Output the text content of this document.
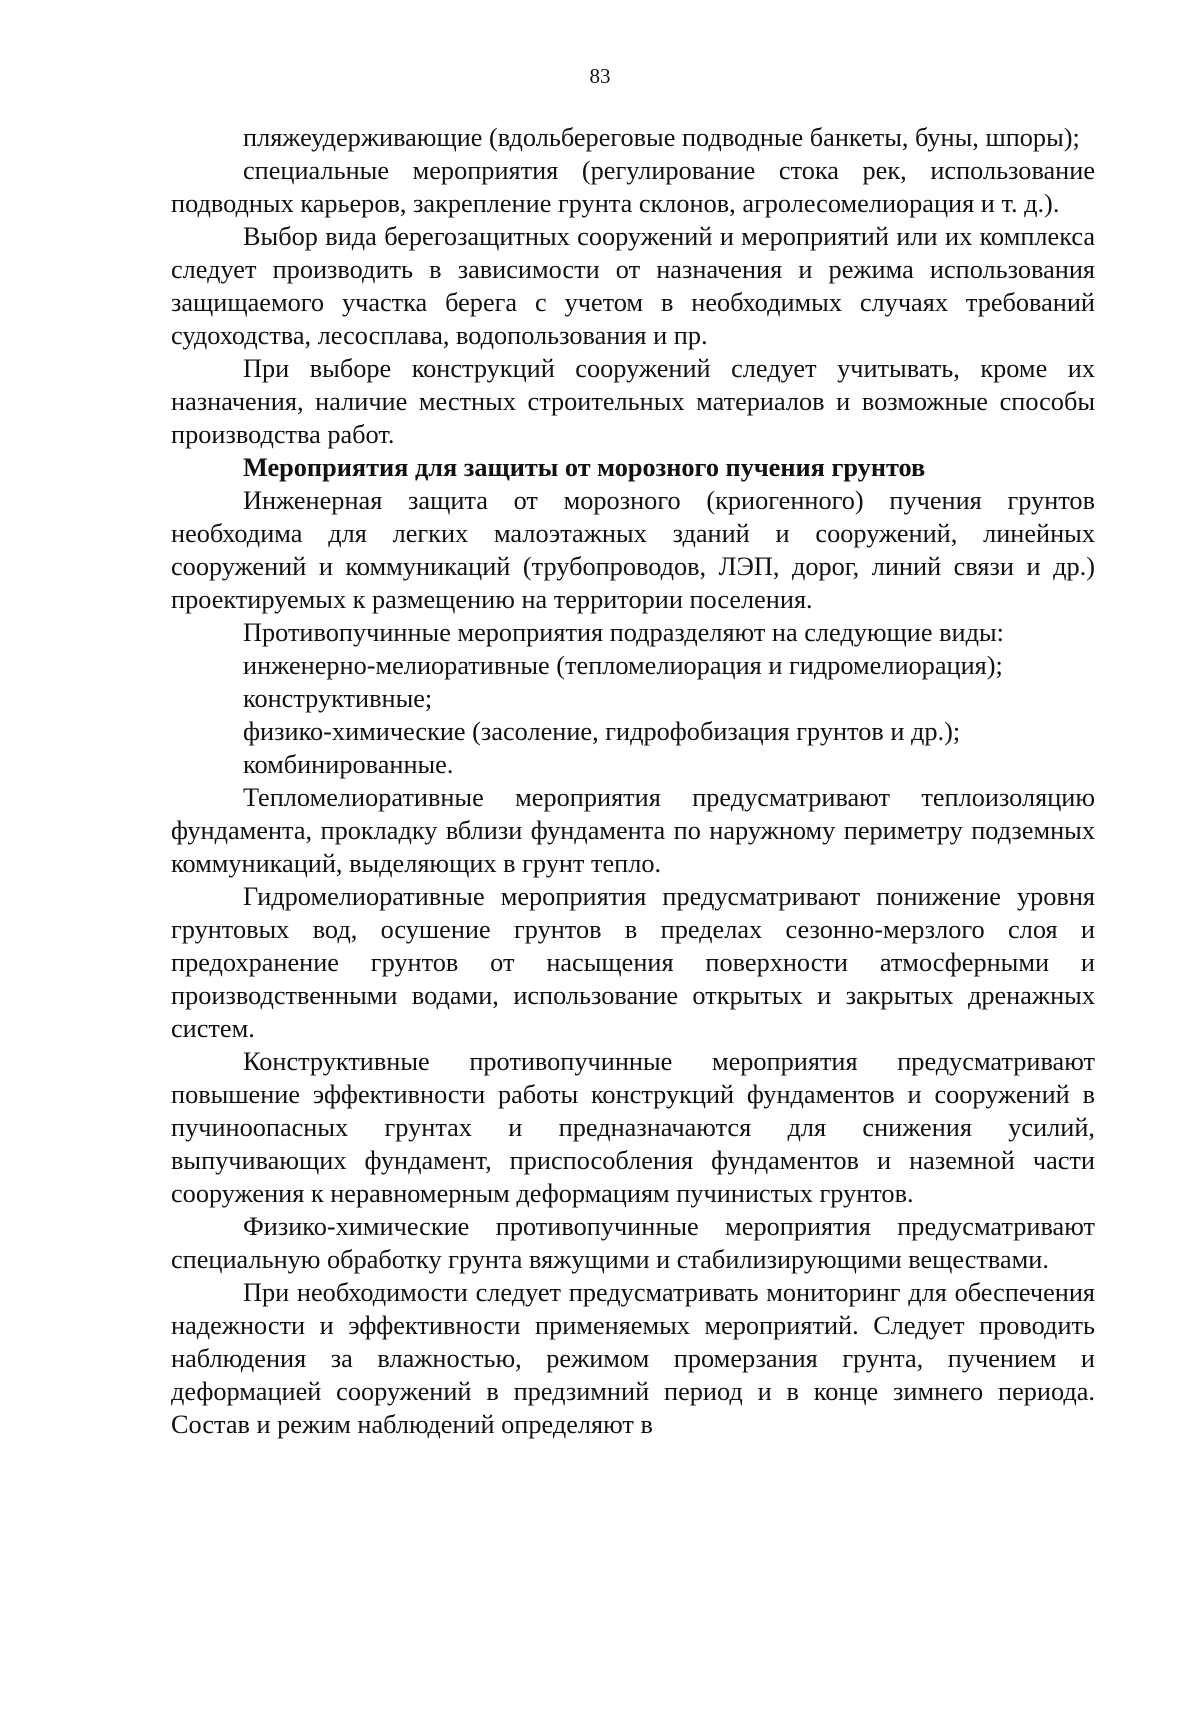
83

пляжеудерживающие (вдольбереговые подводные банкеты, буны, шпоры);

специальные мероприятия (регулирование стока рек, использование подводных карьеров, закрепление грунта склонов, агролесомелиорация и т. д.).

Выбор вида берегозащитных сооружений и мероприятий или их комплекса следует производить в зависимости от назначения и режима использования защищаемого участка берега с учетом в необходимых случаях требований судоходства, лесосплава, водопользования и пр.

При выборе конструкций сооружений следует учитывать, кроме их назначения, наличие местных строительных материалов и возможные способы производства работ.

Мероприятия для защиты от морозного пучения грунтов

Инженерная защита от морозного (криогенного) пучения грунтов необходима для легких малоэтажных зданий и сооружений, линейных сооружений и коммуникаций (трубопроводов, ЛЭП, дорог, линий связи и др.) проектируемых к размещению на территории поселения.

Противопучинные мероприятия подразделяют на следующие виды:

инженерно-мелиоративные (тепломелиорация и гидромелиорация);

конструктивные;

физико-химические (засоление, гидрофобизация грунтов и др.);

комбинированные.

Тепломелиоративные мероприятия предусматривают теплоизоляцию фундамента, прокладку вблизи фундамента по наружному периметру подземных коммуникаций, выделяющих в грунт тепло.

Гидромелиоративные мероприятия предусматривают понижение уровня грунтовых вод, осушение грунтов в пределах сезонно-мерзлого слоя и предохранение грунтов от насыщения поверхности атмосферными и производственными водами, использование открытых и закрытых дренажных систем.

Конструктивные противопучинные мероприятия предусматривают повышение эффективности работы конструкций фундаментов и сооружений в пучиноопасных грунтах и предназначаются для снижения усилий, выпучивающих фундамент, приспособления фундаментов и наземной части сооружения к неравномерным деформациям пучинистых грунтов.

Физико-химические противопучинные мероприятия предусматривают специальную обработку грунта вяжущими и стабилизирующими веществами.

При необходимости следует предусматривать мониторинг для обеспечения надежности и эффективности применяемых мероприятий. Следует проводить наблюдения за влажностью, режимом промерзания грунта, пучением и деформацией сооружений в предзимний период и в конце зимнего периода. Состав и режим наблюдений определяют в
